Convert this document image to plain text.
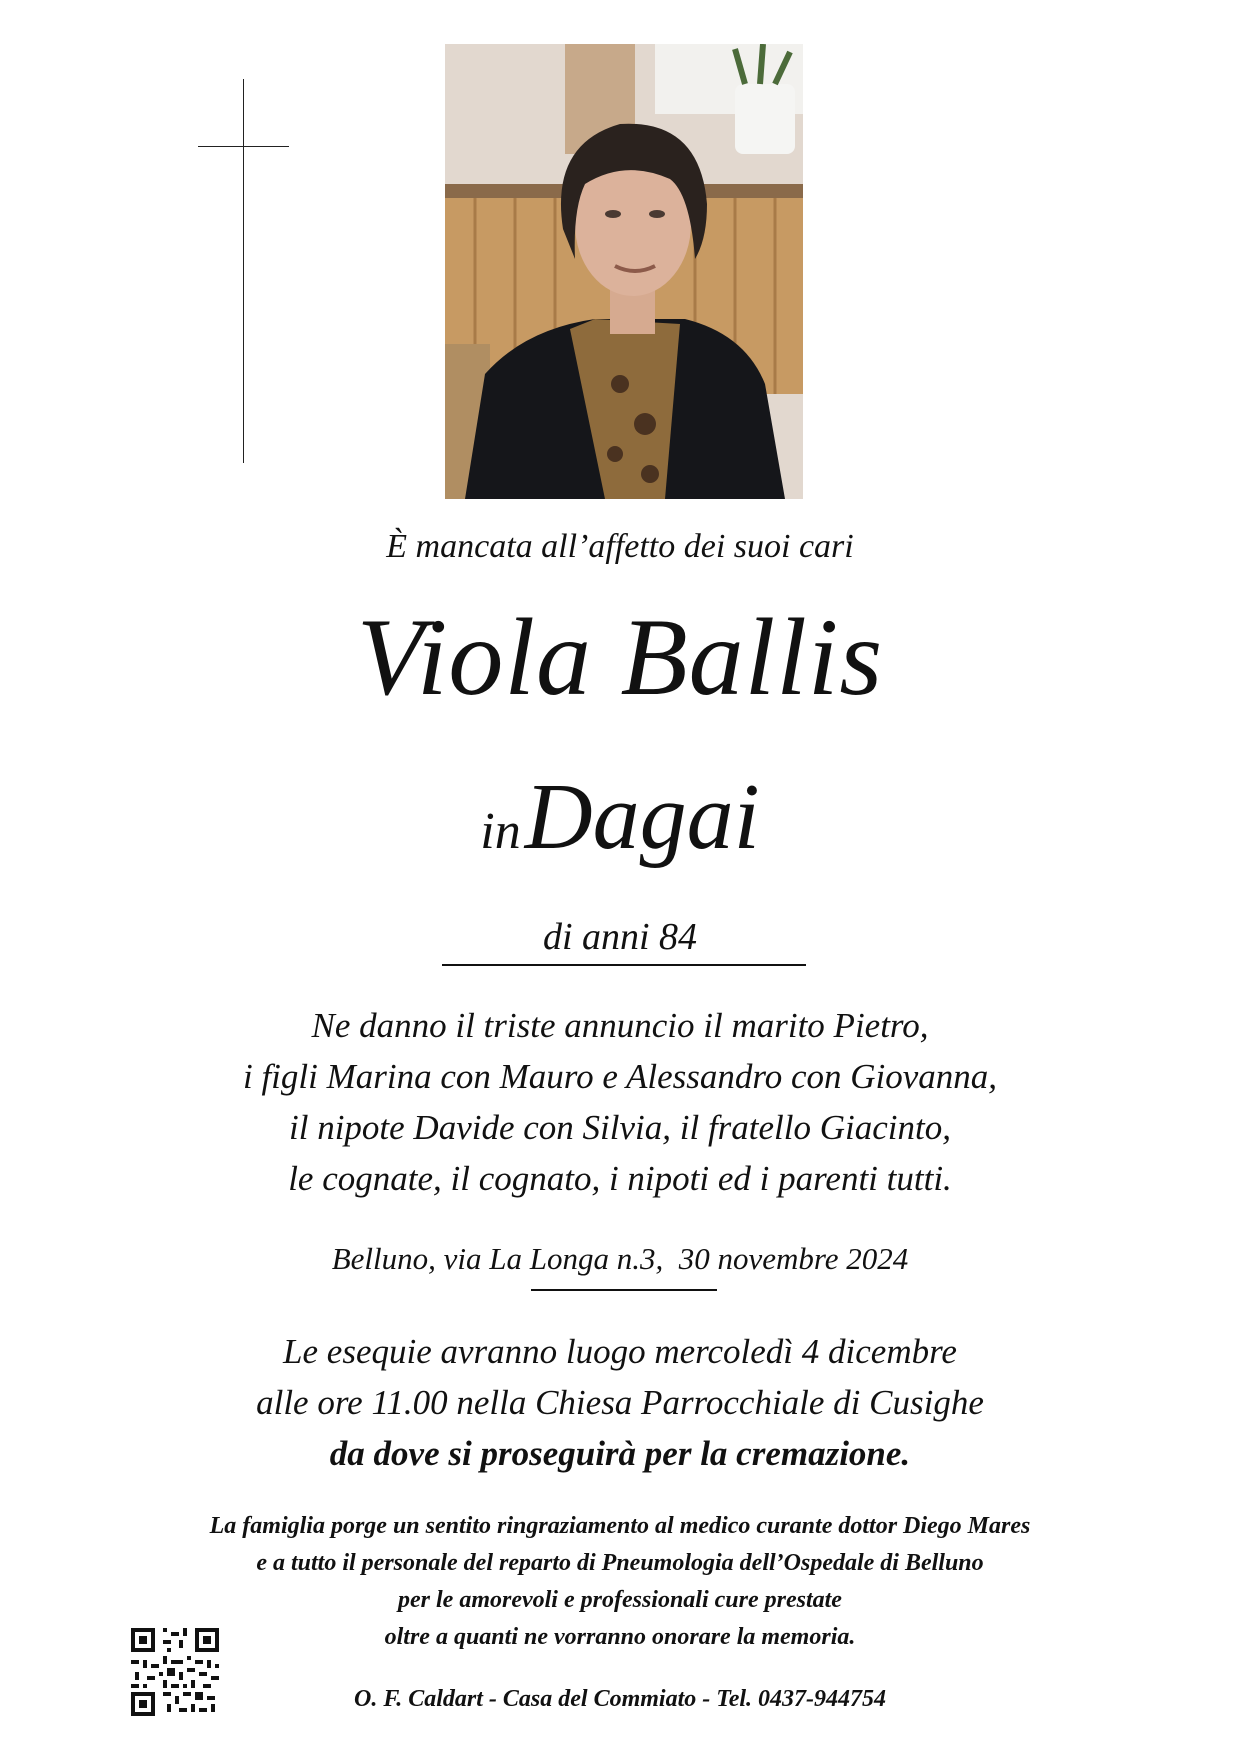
È mancata all’affetto dei suoi cari
Viola Ballis
in Dagai
di anni 84
Ne danno il triste annuncio il marito Pietro,
i figli Marina con Mauro e Alessandro con Giovanna,
il nipote Davide con Silvia, il fratello Giacinto,
le cognate, il cognato, i nipoti ed i parenti tutti.
Belluno, via La Longa n.3,  30 novembre 2024
Le esequie avranno luogo mercoledì 4 dicembre
alle ore 11.00 nella Chiesa Parrocchiale di Cusighe
da dove si proseguirà per la cremazione.
La famiglia porge un sentito ringraziamento al medico curante dottor Diego Mares
e a tutto il personale del reparto di Pneumologia dell’Ospedale di Belluno
per le amorevoli e professionali cure prestate
oltre a quanti ne vorranno onorare la memoria.
O. F. Caldart - Casa del Commiato - Tel. 0437-944754
